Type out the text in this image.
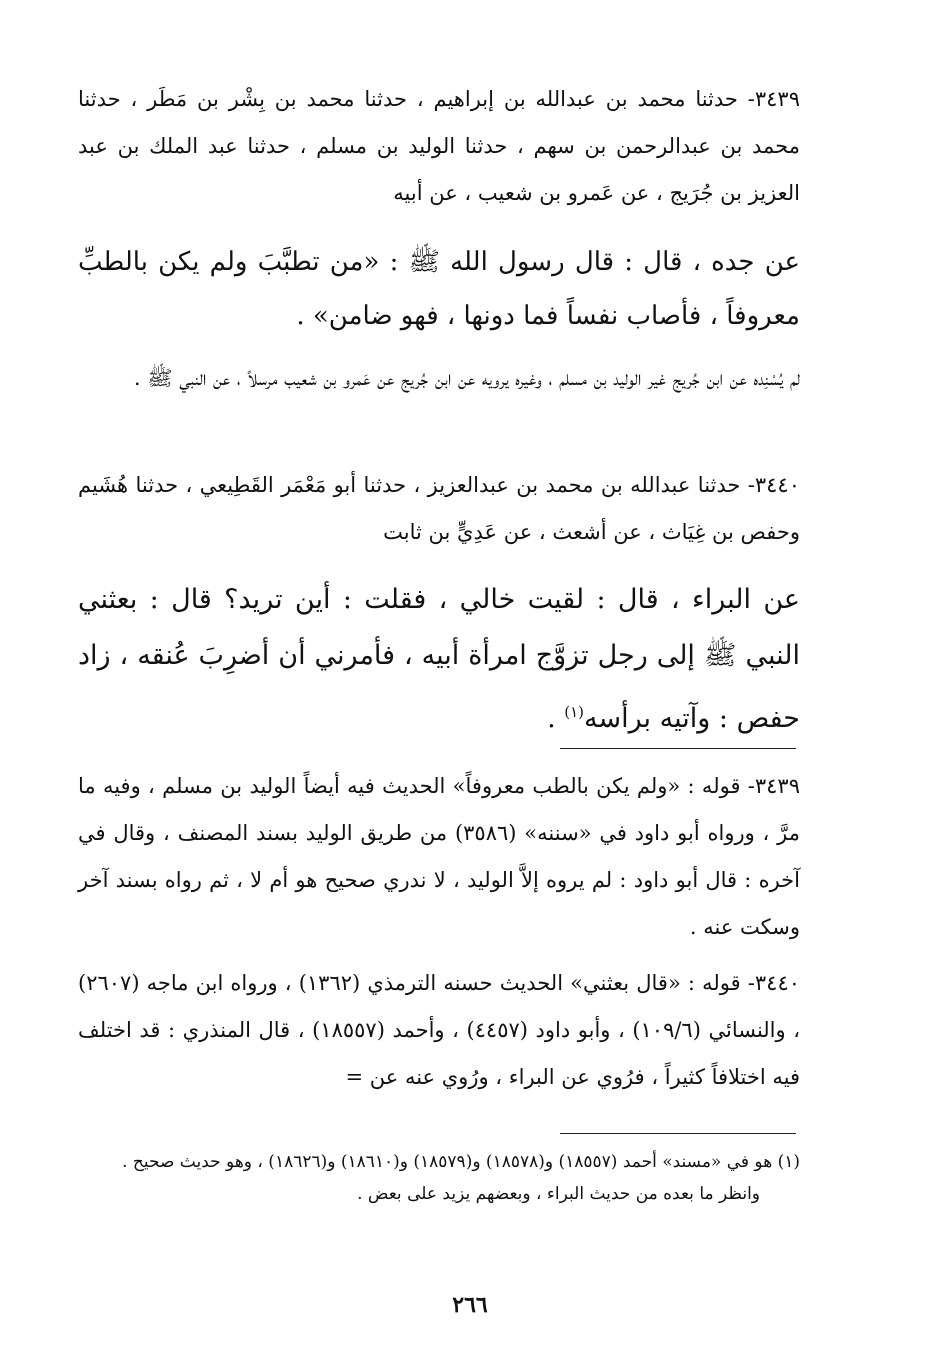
٣٤٣٩- حدثنا محمد بن عبدالله بن إبراهيم ، حدثنا محمد بن بِشْر بن مَطَر ، حدثنا محمد بن عبدالرحمن بن سهم ، حدثنا الوليد بن مسلم ، حدثنا عبد الملك بن عبد العزيز بن جُرَيج ، عن عَمرو بن شعيب ، عن أبيه

عن جده ، قال : قال رسول الله ﷺ : «من تطبَّبَ ولم يكن بالطبِّ معروفاً ، فأصاب نفساً فما دونها ، فهو ضامن» .

لم يُسْنِده عن ابن جُريج غير الوليد بن مسلم ، وغيره يرويه عن ابن جُريج عن عَمرو بن شعيب مرسلاً ، عن النبي ﷺ .

٣٤٤٠- حدثنا عبدالله بن محمد بن عبدالعزيز ، حدثنا أبو مَعْمَر القَطِيعي ، حدثنا هُشَيم وحفص بن غِيَاث ، عن أشعث ، عن عَدِيٍّ بن ثابت

عن البراء ، قال : لقيت خالي ، فقلت : أين تريد؟ قال : بعثني النبي ﷺ إلى رجل تزوَّج امرأة أبيه ، فأمرني أن أضرِبَ عُنقه ، زاد حفص : وآتيه برأسه$^{(١)}$ .

٣٤٣٩- قوله : «ولم يكن بالطب معروفاً» الحديث فيه أيضاً الوليد بن مسلم ، وفيه ما مرَّ ، ورواه أبو داود في «سننه» (٣٥٨٦) من طريق الوليد بسند المصنف ، وقال في آخره : قال أبو داود : لم يروه إلاَّ الوليد ، لا ندري صحيح هو أم لا ، ثم رواه بسند آخر وسكت عنه .

٣٤٤٠- قوله : «قال بعثني» الحديث حسنه الترمذي (١٣٦٢) ، ورواه ابن ماجه (٢٦٠٧) ، والنسائي (١٠٩/٦) ، وأبو داود (٤٤٥٧) ، وأحمد (١٨٥٥٧) ، قال المنذري : قد اختلف فيه اختلافاً كثيراً ، فرُوي عن البراء ، ورُوي عنه عن =

(١) هو في «مسند» أحمد (١٨٥٥٧) و(١٨٥٧٨) و(١٨٥٧٩) و(١٨٦١٠) و(١٨٦٢٦) ، وهو حديث صحيح .

وانظر ما بعده من حديث البراء ، وبعضهم يزيد على بعض .

٢٦٦
